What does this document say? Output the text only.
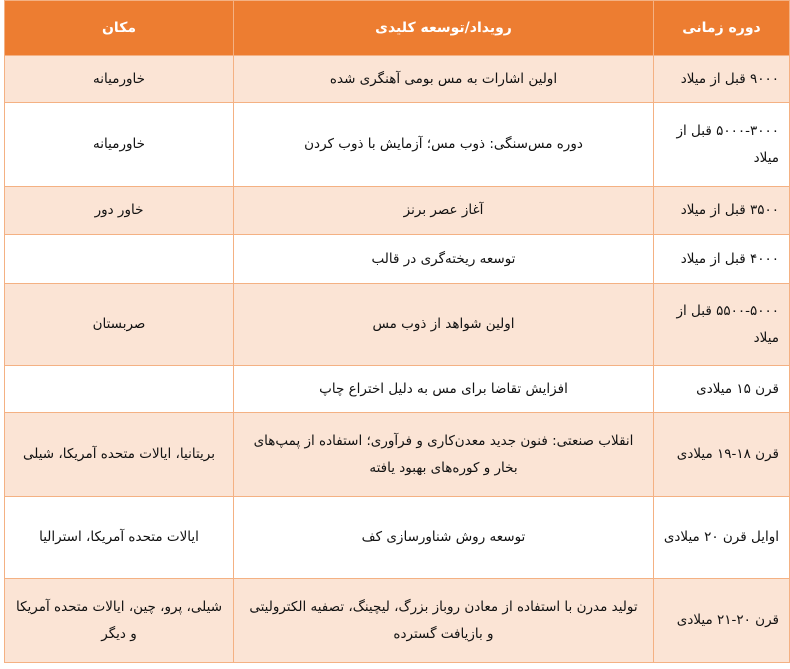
دوره زمانی	رویداد/توسعه کلیدی	مکان
۹۰۰۰ قبل از میلاد	اولین اشارات به مس بومی آهنگری شده	خاورمیانه
۵۰۰۰-۳۰۰۰ قبل از میلاد	دوره مس‌سنگی: ذوب مس؛ آزمایش با ذوب کردن	خاورمیانه
۳۵۰۰ قبل از میلاد	آغاز عصر برنز	خاور دور
۴۰۰۰ قبل از میلاد	توسعه ریخته‌گری در قالب	
۵۵۰۰-۵۰۰۰ قبل از میلاد	اولین شواهد از ذوب مس	صربستان
قرن ۱۵ میلادی	افزایش تقاضا برای مس به دلیل اختراع چاپ	
قرن ۱۸-۱۹ میلادی	انقلاب صنعتی: فنون جدید معدن‌کاری و فرآوری؛ استفاده از پمپ‌های بخار و کوره‌های بهبود یافته	بریتانیا، ایالات متحده آمریکا، شیلی
اوایل قرن ۲۰ میلادی	توسعه روش شناورسازی کف	ایالات متحده آمریکا، استرالیا
قرن ۲۰-۲۱ میلادی	تولید مدرن با استفاده از معادن روباز بزرگ، لیچینگ، تصفیه الکترولیتی و بازیافت گسترده	شیلی، پرو، چین، ایالات متحده آمریکا و دیگر
